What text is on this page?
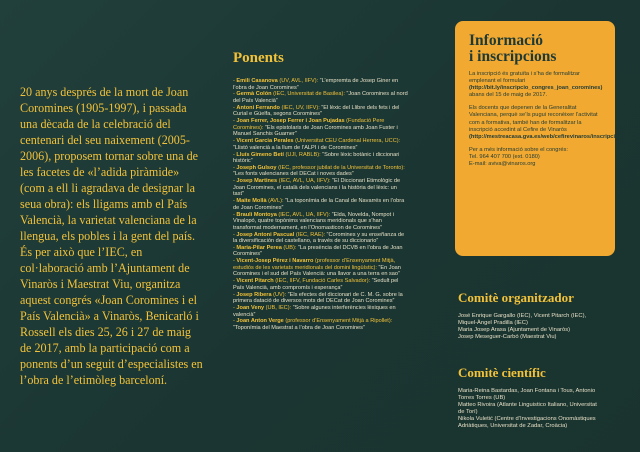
20 anys després de la mort de Joan Coromines (1905-1997), i passada una dècada de la celebració del centenari del seu naixement (2005-2006), proposem tornar sobre una de les facetes de «l’adida piràmide» (com a ell li agradava de designar la seua obra): els lligams amb el País Valencià, la varietat valenciana de la llengua, els pobles i la gent del país. És per això que l’IEC, en col·laboració amb l’Ajuntament de Vinaròs i Maestrat Viu, organitza aquest congrés «Joan Coromines i el País Valencià» a Vinaròs, Benicarló i Rossell els dies 25, 26 i 27 de maig de 2017, amb la participació com a ponents d’un seguit d’especialistes en l’obra de l’etimòleg barceloní.

Ponents
- Emili Casanova (UV, AVL, IIFV): “L’empremta de Josep Giner en l’obra de Joan Coromines”
- Germà Colón (IEC, Universitat de Basilea): “Joan Coromines al nord del País Valencià”
- Antoni Ferrando (IEC, UV, IIFV): “El lèxic del Llibre dels fets i del Curial e Güelfa, segons Coromines”
- Joan Ferrer, Josep Ferrer i Joan Pujadas (Fundació Pere Coromines): “Els epistolaris de Joan Coromines amb Joan Fuster i Manuel Sanchis Guarner”
- Vicent Garcia Perales (Universitat CEU Cardenal Herrera, UCC): “Llistó valencià a la llum de l’ALPI i de Coromines”
- Lluís Gimeno Betí (UJI, RABLB): “Sobre lèxic botànic i diccionari històric”
- Joseph Gulsoy (IEC, professor jubilat de la Universitat de Toronto): “Les fonts valencianes del DECat i noves dades”
- Josep Martines (IEC, AVL, UA, IIFV): “El Diccionari Etimològic de Joan Coromines, el català dels valencians i la història del lèxic: un tast”
- Maite Mollà (AVL): “La toponímia de la Canal de Navarrés en l’obra de Joan Coromines”
- Brauli Montoya (IEC, AVL, UA, IIFV): “Elda, Novelda, Nompot i Vinalopó, quatre topònims valencians meridionals que s’han transformat modernament, en l’Onomasticon de Coromines”
- Josep Antoni Pascual (IEC, RAE): “Coromines y su enseñanza de la diversificación del castellano, a través de su diccionario”
- Maria-Pilar Perea (UB): “La presència del DCVB en l’obra de Joan Coromines”
- Vicent-Josep Pérez i Navarro (professor d’Ensenyament Mitjà, estudiós de les varietats meridionals del domini lingüístic): “En Joan Coromines i el sud del País Valencià: una llavor a una terra en sao”
- Vicent Pitarch (IEC, IIFV, Fundació Carles Salvador): “Sedult pel País Valencià, amb compromís i esperança”
- Josep Ribera (UV): “Els efectes del diccionari de C. M. G. sobre la primera datació de diversos mots del DECat de Joan Coromines”
- Joan Veny (UB, IEC): “Sobre algunes interferències lèxiques en valencià”
- Joan Anton Verge (professor d’Ensenyament Mitjà a Ripollet): “Toponímia del Maestrat a l’obra de Joan Coromines”
Informació
i inscripcions

La inscripció és gratuïta i s’ha de formalitzar emplenant el formulari (http://bit.ly/inscripcio_congres_joan_coromines) abans del 15 de maig de 2017.

Els docents que depenen de la Generalitat Valenciana, perquè se’ls pugui reconèixer l’activitat com a formativa, també han de formalitzar la inscripció accedint al Cefire de Vinaròs (http://mestreacasa.gva.es/web/cefirevinaros/inscripcio).

Per a més informació sobre el congrés:
Tel. 964 407 700 (ext. 0180)
E-mail: aviva@vinaros.org

Comitè organitzador
José Enrique Gargallo (IEC), Vicent Pitarch (IEC),
Miquel-Àngel Pradilla (IEC)
Maria Josep Arasa (Ajuntament de Vinaròs)
Josep Meseguer-Carbó (Maestrat Viu)
Comitè científic
Maria-Reina Bastardas, Joan Fontana i Tous, Antonio
Torres Torres (UB)
Matteo Rivoira (Atlante Linguistico Italiano, Universitat
de Torí)
Nikola Vuletić (Centre d’Investigacions Onomàstiques
Adriàtiques, Universitat de Zadar, Croàcia)
